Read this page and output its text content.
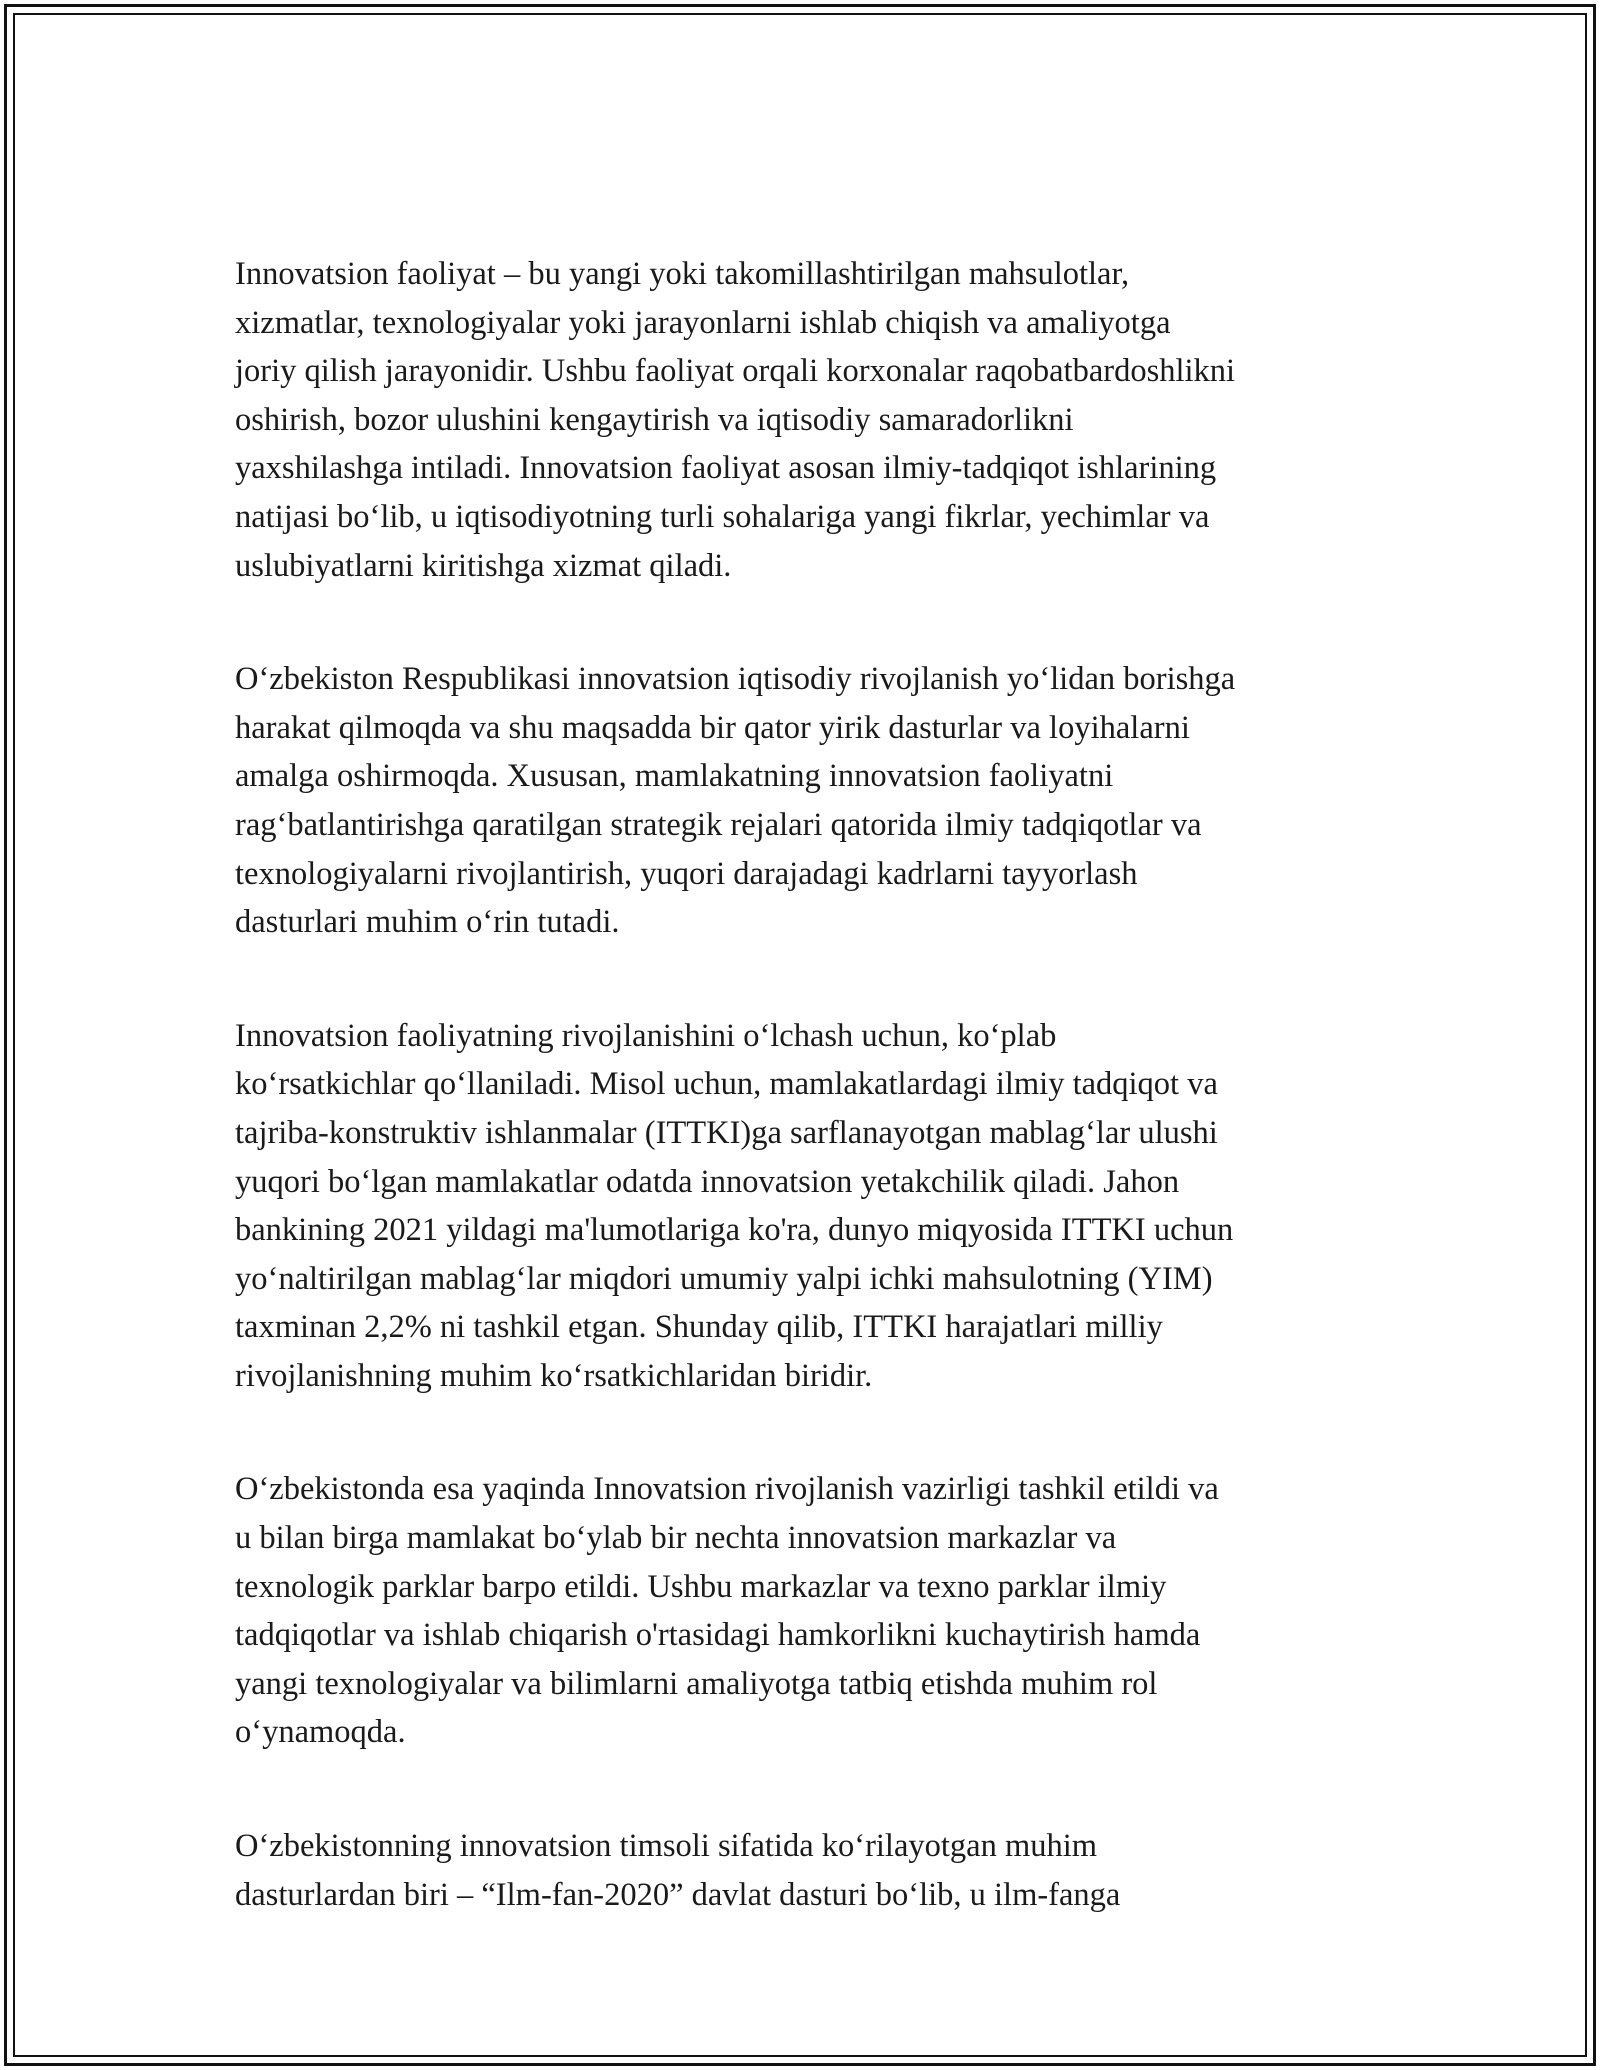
Innovatsion faoliyat – bu yangi yoki takomillashtirilgan mahsulotlar,
xizmatlar, texnologiyalar yoki jarayonlarni ishlab chiqish va amaliyotga
joriy qilish jarayonidir. Ushbu faoliyat orqali korxonalar raqobatbardoshlikni
oshirish, bozor ulushini kengaytirish va iqtisodiy samaradorlikni
yaxshilashga intiladi. Innovatsion faoliyat asosan ilmiy-tadqiqot ishlarining
natijasi bo‘lib, u iqtisodiyotning turli sohalariga yangi fikrlar, yechimlar va
uslubiyatlarni kiritishga xizmat qiladi.

O‘zbekiston Respublikasi innovatsion iqtisodiy rivojlanish yo‘lidan borishga
harakat qilmoqda va shu maqsadda bir qator yirik dasturlar va loyihalarni
amalga oshirmoqda. Xususan, mamlakatning innovatsion faoliyatni
rag‘batlantirishga qaratilgan strategik rejalari qatorida ilmiy tadqiqotlar va
texnologiyalarni rivojlantirish, yuqori darajadagi kadrlarni tayyorlash
dasturlari muhim o‘rin tutadi.

Innovatsion faoliyatning rivojlanishini o‘lchash uchun, ko‘plab
ko‘rsatkichlar qo‘llaniladi. Misol uchun, mamlakatlardagi ilmiy tadqiqot va
tajriba-konstruktiv ishlanmalar (ITTKI)ga sarflanayotgan mablag‘lar ulushi
yuqori bo‘lgan mamlakatlar odatda innovatsion yetakchilik qiladi. Jahon
bankining 2021 yildagi ma'lumotlariga ko'ra, dunyo miqyosida ITTKI uchun
yo‘naltirilgan mablag‘lar miqdori umumiy yalpi ichki mahsulotning (YIM)
taxminan 2,2% ni tashkil etgan. Shunday qilib, ITTKI harajatlari milliy
rivojlanishning muhim ko‘rsatkichlaridan biridir.

O‘zbekistonda esa yaqinda Innovatsion rivojlanish vazirligi tashkil etildi va
u bilan birga mamlakat bo‘ylab bir nechta innovatsion markazlar va
texnologik parklar barpo etildi. Ushbu markazlar va texno parklar ilmiy
tadqiqotlar va ishlab chiqarish o'rtasidagi hamkorlikni kuchaytirish hamda
yangi texnologiyalar va bilimlarni amaliyotga tatbiq etishda muhim rol
o‘ynamoqda.

O‘zbekistonning innovatsion timsoli sifatida ko‘rilayotgan muhim
dasturlardan biri – “Ilm-fan-2020” davlat dasturi bo‘lib, u ilm-fanga
